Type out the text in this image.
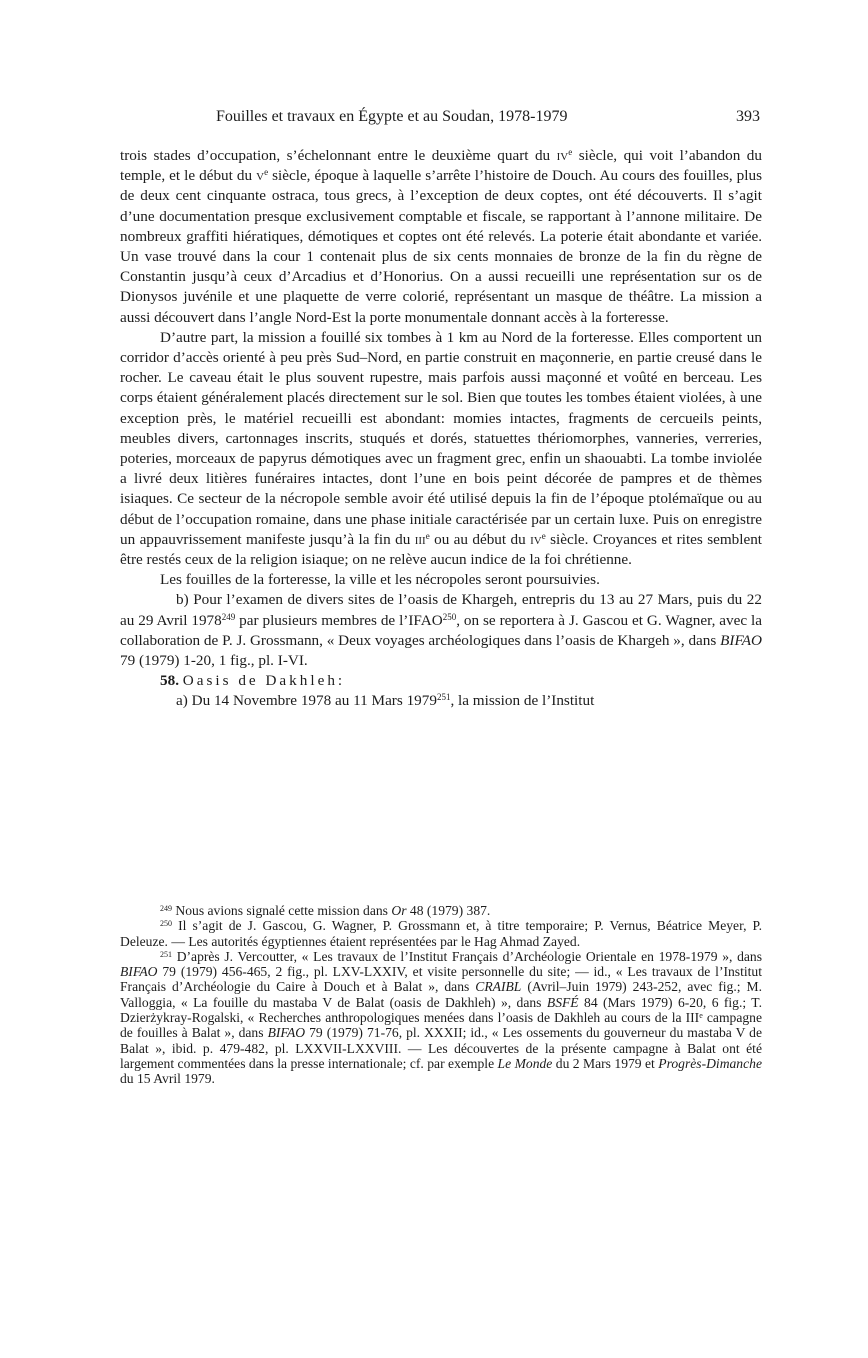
Fouilles et travaux en Égypte et au Soudan, 1978-1979	393

trois stades d’occupation, s’échelonnant entre le deuxième quart du $iv^e$ siècle, qui voit l’abandon du temple, et le début du $v^e$ siècle, époque à laquelle s’arrête l’histoire de Douch. Au cours des fouilles, plus de deux cent cinquante ostraca, tous grecs, à l’exception de deux coptes, ont été découverts. Il s’agit d’une documentation presque exclusivement comptable et fiscale, se rapportant à l’annone militaire. De nombreux graffiti hiératiques, démotiques et coptes ont été relevés. La poterie était abondante et variée. Un vase trouvé dans la cour 1 contenait plus de six cents monnaies de bronze de la fin du règne de Constantin jusqu’à ceux d’Arcadius et d’Honorius. On a aussi recueilli une représentation sur os de Dionysos juvénile et une plaquette de verre colorié, représentant un masque de théâtre. La mission a aussi découvert dans l’angle Nord-Est la porte monumentale donnant accès à la forteresse.

D’autre part, la mission a fouillé six tombes à 1 km au Nord de la forteresse. Elles comportent un corridor d’accès orienté à peu près Sud–Nord, en partie construit en maçonnerie, en partie creusé dans le rocher. Le caveau était le plus souvent rupestre, mais parfois aussi maçonné et voûté en berceau. Les corps étaient généralement placés directement sur le sol. Bien que toutes les tombes étaient violées, à une exception près, le matériel recueilli est abondant: momies intactes, fragments de cercueils peints, meubles divers, cartonnages inscrits, stuqués et dorés, statuettes thériomorphes, vanneries, verreries, poteries, morceaux de papyrus démotiques avec un fragment grec, enfin un shaouabti. La tombe inviolée a livré deux litières funéraires intactes, dont l’une en bois peint décorée de pampres et de thèmes isiaques. Ce secteur de la nécropole semble avoir été utilisé depuis la fin de l’époque ptolémaïque ou au début de l’occupation romaine, dans une phase initiale caractérisée par un certain luxe. Puis on enregistre un appauvrissement manifeste jusqu’à la fin du iii$^e$ ou au début du $iv^e$ siècle. Croyances et rites semblent être restés ceux de la religion isiaque; on ne relève aucun indice de la foi chrétienne.

Les fouilles de la forteresse, la ville et les nécropoles seront poursuivies.

b) Pour l’examen de divers sites de l’oasis de Khargeh, entrepris du 13 au 27 Mars, puis du 22 au 29 Avril 1978$^{249}$ par plusieurs membres de l’IFAO$^{250}$, on se reportera à J. Gascou et G. Wagner, avec la collaboration de P. J. Grossmann, « Deux voyages archéologiques dans l’oasis de Khargeh », dans BIFAO 79 (1979) 1-20, 1 fig., pl. I-VI.

58. Oasis de Dakhleh:

a) Du 14 Novembre 1978 au 11 Mars 1979$^{251}$, la mission de l’Institut

$^{249}$ Nous avions signalé cette mission dans Or 48 (1979) 387.

$^{250}$ Il s’agit de J. Gascou, G. Wagner, P. Grossmann et, à titre temporaire; P. Vernus, Béatrice Meyer, P. Deleuze. — Les autorités égyptiennes étaient représentées par le Hag Ahmad Zayed.

$^{251}$ D’après J. Vercoutter, « Les travaux de l’Institut Français d’Archéologie Orientale en 1978-1979 », dans BIFAO 79 (1979) 456-465, 2 fig., pl. LXV-LXXIV, et visite personnelle du site; — id., « Les travaux de l’Institut Français d’Archéologie du Caire à Douch et à Balat », dans CRAIBL (Avril–Juin 1979) 243-252, avec fig.; M. Valloggia, « La fouille du mastaba V de Balat (oasis de Dakhleh) », dans BSFÉ 84 (Mars 1979) 6-20, 6 fig.; T. Dzierżykray-Rogalski, « Recherches anthropologiques menées dans l’oasis de Dakhleh au cours de la IIIe campagne de fouilles à Balat », dans BIFAO 79 (1979) 71-76, pl. XXXII; id., « Les ossements du gouverneur du mastaba V de Balat », ibid. p. 479-482, pl. LXXVII-LXXVIII. — Les découvertes de la présente campagne à Balat ont été largement commentées dans la presse internationale; cf. par exemple Le Monde du 2 Mars 1979 et Progrès-Dimanche du 15 Avril 1979.
